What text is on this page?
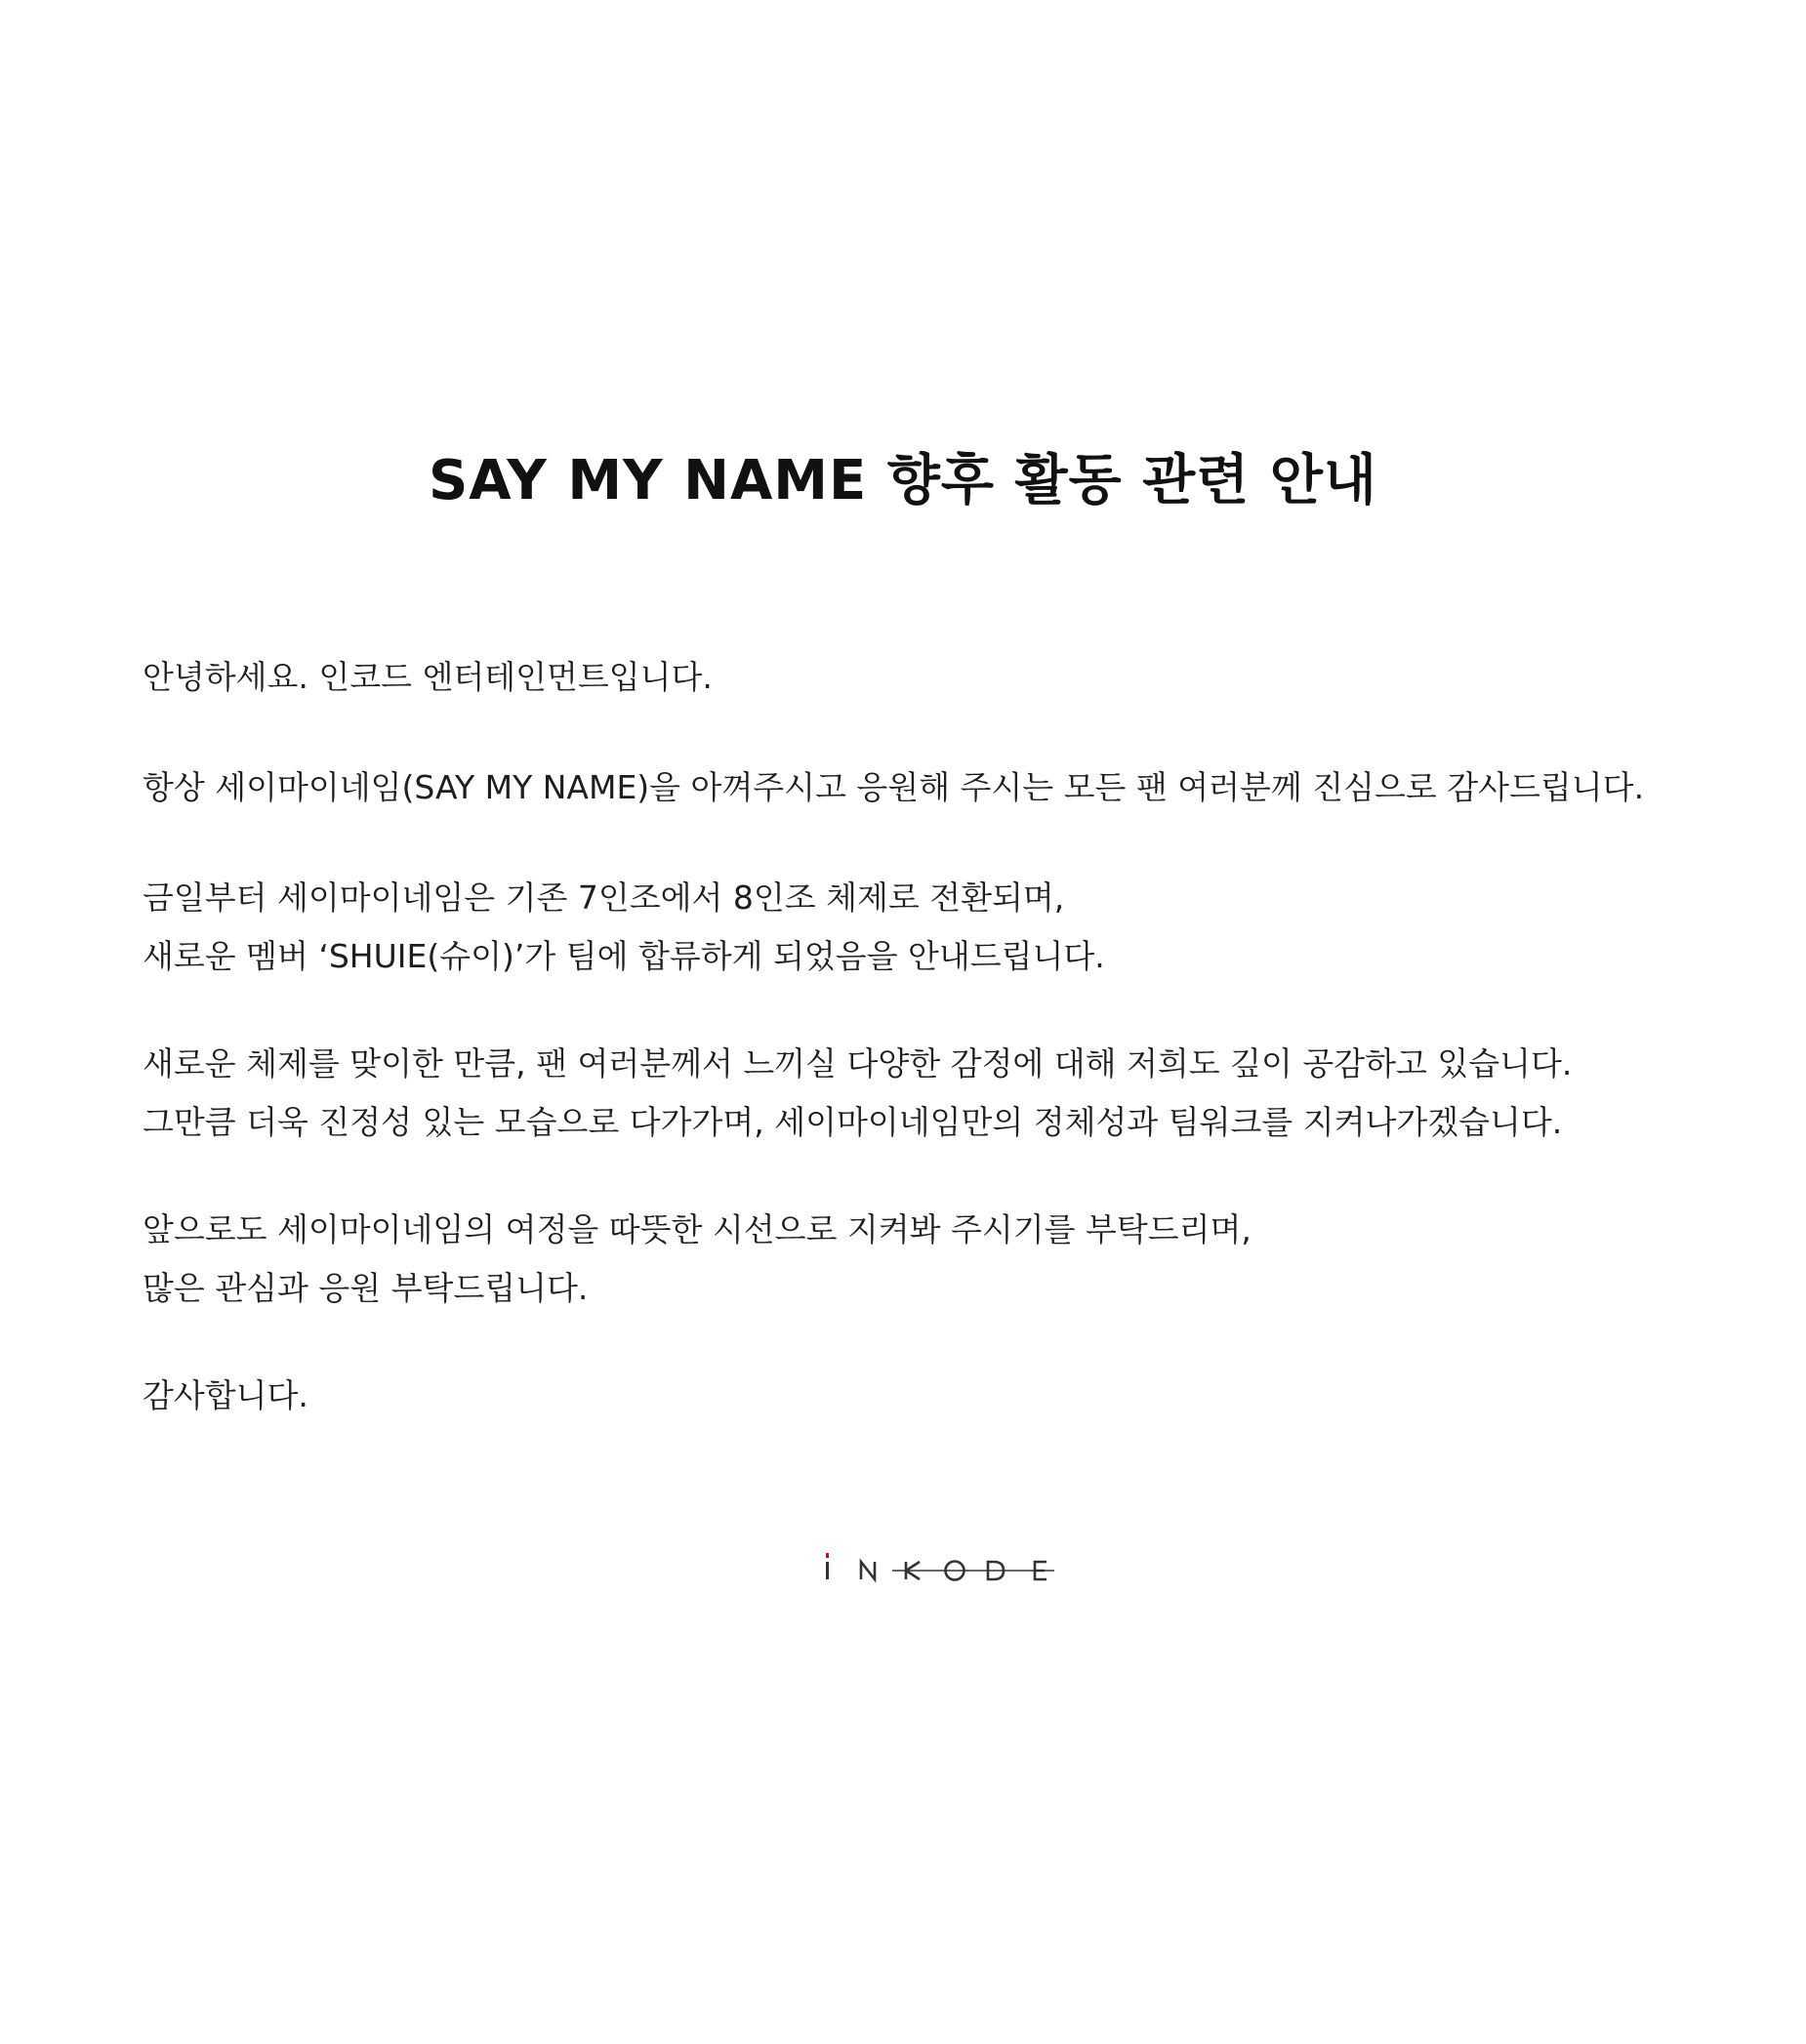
SAY MY NAME 향후 활동 관련 안내
안녕하세요. 인코드 엔터테인먼트입니다.
항상 세이마이네임(SAY MY NAME)을 아껴주시고 응원해 주시는 모든 팬 여러분께 진심으로 감사드립니다.
금일부터 세이마이네임은 기존 7인조에서 8인조 체제로 전환되며,
새로운 멤버 ‘SHUIE(슈이)’가 팀에 합류하게 되었음을 안내드립니다.
새로운 체제를 맞이한 만큼, 팬 여러분께서 느끼실 다양한 감정에 대해 저희도 깊이 공감하고 있습니다.
그만큼 더욱 진정성 있는 모습으로 다가가며, 세이마이네임만의 정체성과 팀워크를 지켜나가겠습니다.
앞으로도 세이마이네임의 여정을 따뜻한 시선으로 지켜봐 주시기를 부탁드리며,
많은 관심과 응원 부탁드립니다.
감사합니다.
